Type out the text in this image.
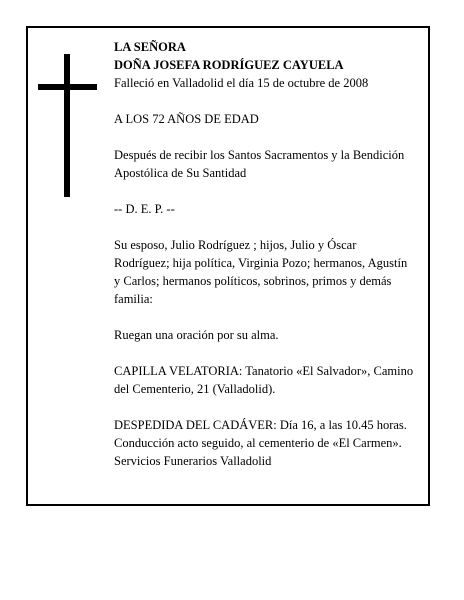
LA SEÑORA
DOÑA JOSEFA RODRÍGUEZ CAYUELA
Falleció en Valladolid el día 15 de octubre de 2008
A LOS 72 AÑOS DE EDAD
Después de recibir los Santos Sacramentos y la Bendición Apostólica de Su Santidad
-- D. E. P. --
Su esposo, Julio Rodríguez ; hijos, Julio y Óscar Rodríguez; hija política, Virginia Pozo; hermanos, Agustín y Carlos; hermanos políticos, sobrinos, primos y demás familia:
Ruegan una oración por su alma.
CAPILLA VELATORIA: Tanatorio «El Salvador», Camino del Cementerio, 21 (Valladolid).
DESPEDIDA DEL CADÁVER: Día 16, a las 10.45 horas. Conducción acto seguido, al cementerio de «El Carmen».
Servicios Funerarios Valladolid
